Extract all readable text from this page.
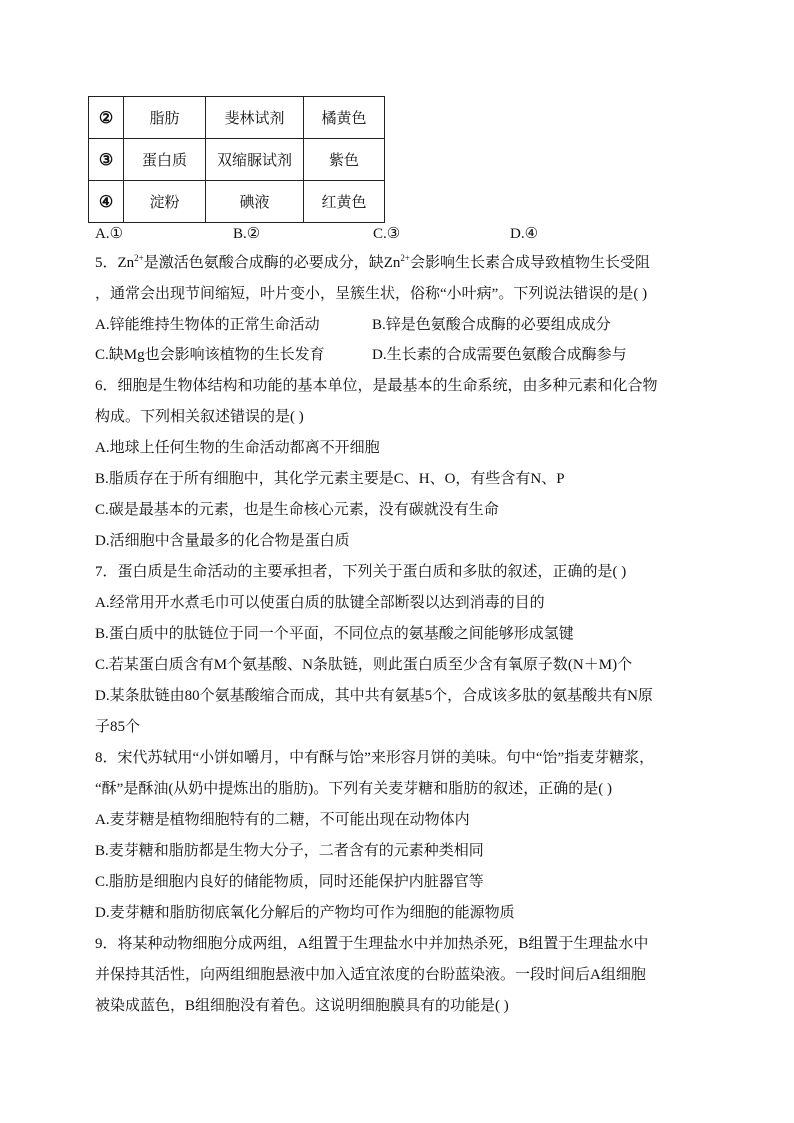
②	脂肪	斐林试剂	橘黄色
③	蛋白质	双缩脲试剂	紫色
④	淀粉	碘液	红黄色
A.①	B.②	C.③	D.④
5．$Zn^{2+}$是激活色氨酸合成酶的必要成分，缺$Zn^{2+}$会影响生长素合成导致植物生长受阻
，通常会出现节间缩短，叶片变小，呈簇生状，俗称“小叶病”。下列说法错误的是( )
A.锌能维持生物体的正常生命活动	B.锌是色氨酸合成酶的必要组成成分
C.缺Mg也会影响该植物的生长发育	D.生长素的合成需要色氨酸合成酶参与
6．细胞是生物体结构和功能的基本单位，是最基本的生命系统，由多种元素和化合物
构成。下列相关叙述错误的是( )
A.地球上任何生物的生命活动都离不开细胞
B.脂质存在于所有细胞中，其化学元素主要是C、H、O，有些含有N、P
C.碳是最基本的元素，也是生命核心元素，没有碳就没有生命
D.活细胞中含量最多的化合物是蛋白质
7．蛋白质是生命活动的主要承担者，下列关于蛋白质和多肽的叙述，正确的是( )
A.经常用开水煮毛巾可以使蛋白质的肽键全部断裂以达到消毒的目的
B.蛋白质中的肽链位于同一个平面，不同位点的氨基酸之间能够形成氢键
C.若某蛋白质含有M个氨基酸、N条肽链，则此蛋白质至少含有氧原子数(N＋M)个
D.某条肽链由80个氨基酸缩合而成，其中共有氨基5个，合成该多肽的氨基酸共有N原
子85个
8．宋代苏轼用“小饼如嚼月，中有酥与饴”来形容月饼的美味。句中“饴”指麦芽糖浆，
“酥”是酥油(从奶中提炼出的脂肪)。下列有关麦芽糖和脂肪的叙述，正确的是( )
A.麦芽糖是植物细胞特有的二糖，不可能出现在动物体内
B.麦芽糖和脂肪都是生物大分子，二者含有的元素种类相同
C.脂肪是细胞内良好的储能物质，同时还能保护内脏器官等
D.麦芽糖和脂肪彻底氧化分解后的产物均可作为细胞的能源物质
9．将某种动物细胞分成两组，A组置于生理盐水中并加热杀死，B组置于生理盐水中
并保持其活性，向两组细胞悬液中加入适宜浓度的台盼蓝染液。一段时间后A组细胞
被染成蓝色，B组细胞没有着色。这说明细胞膜具有的功能是( )
